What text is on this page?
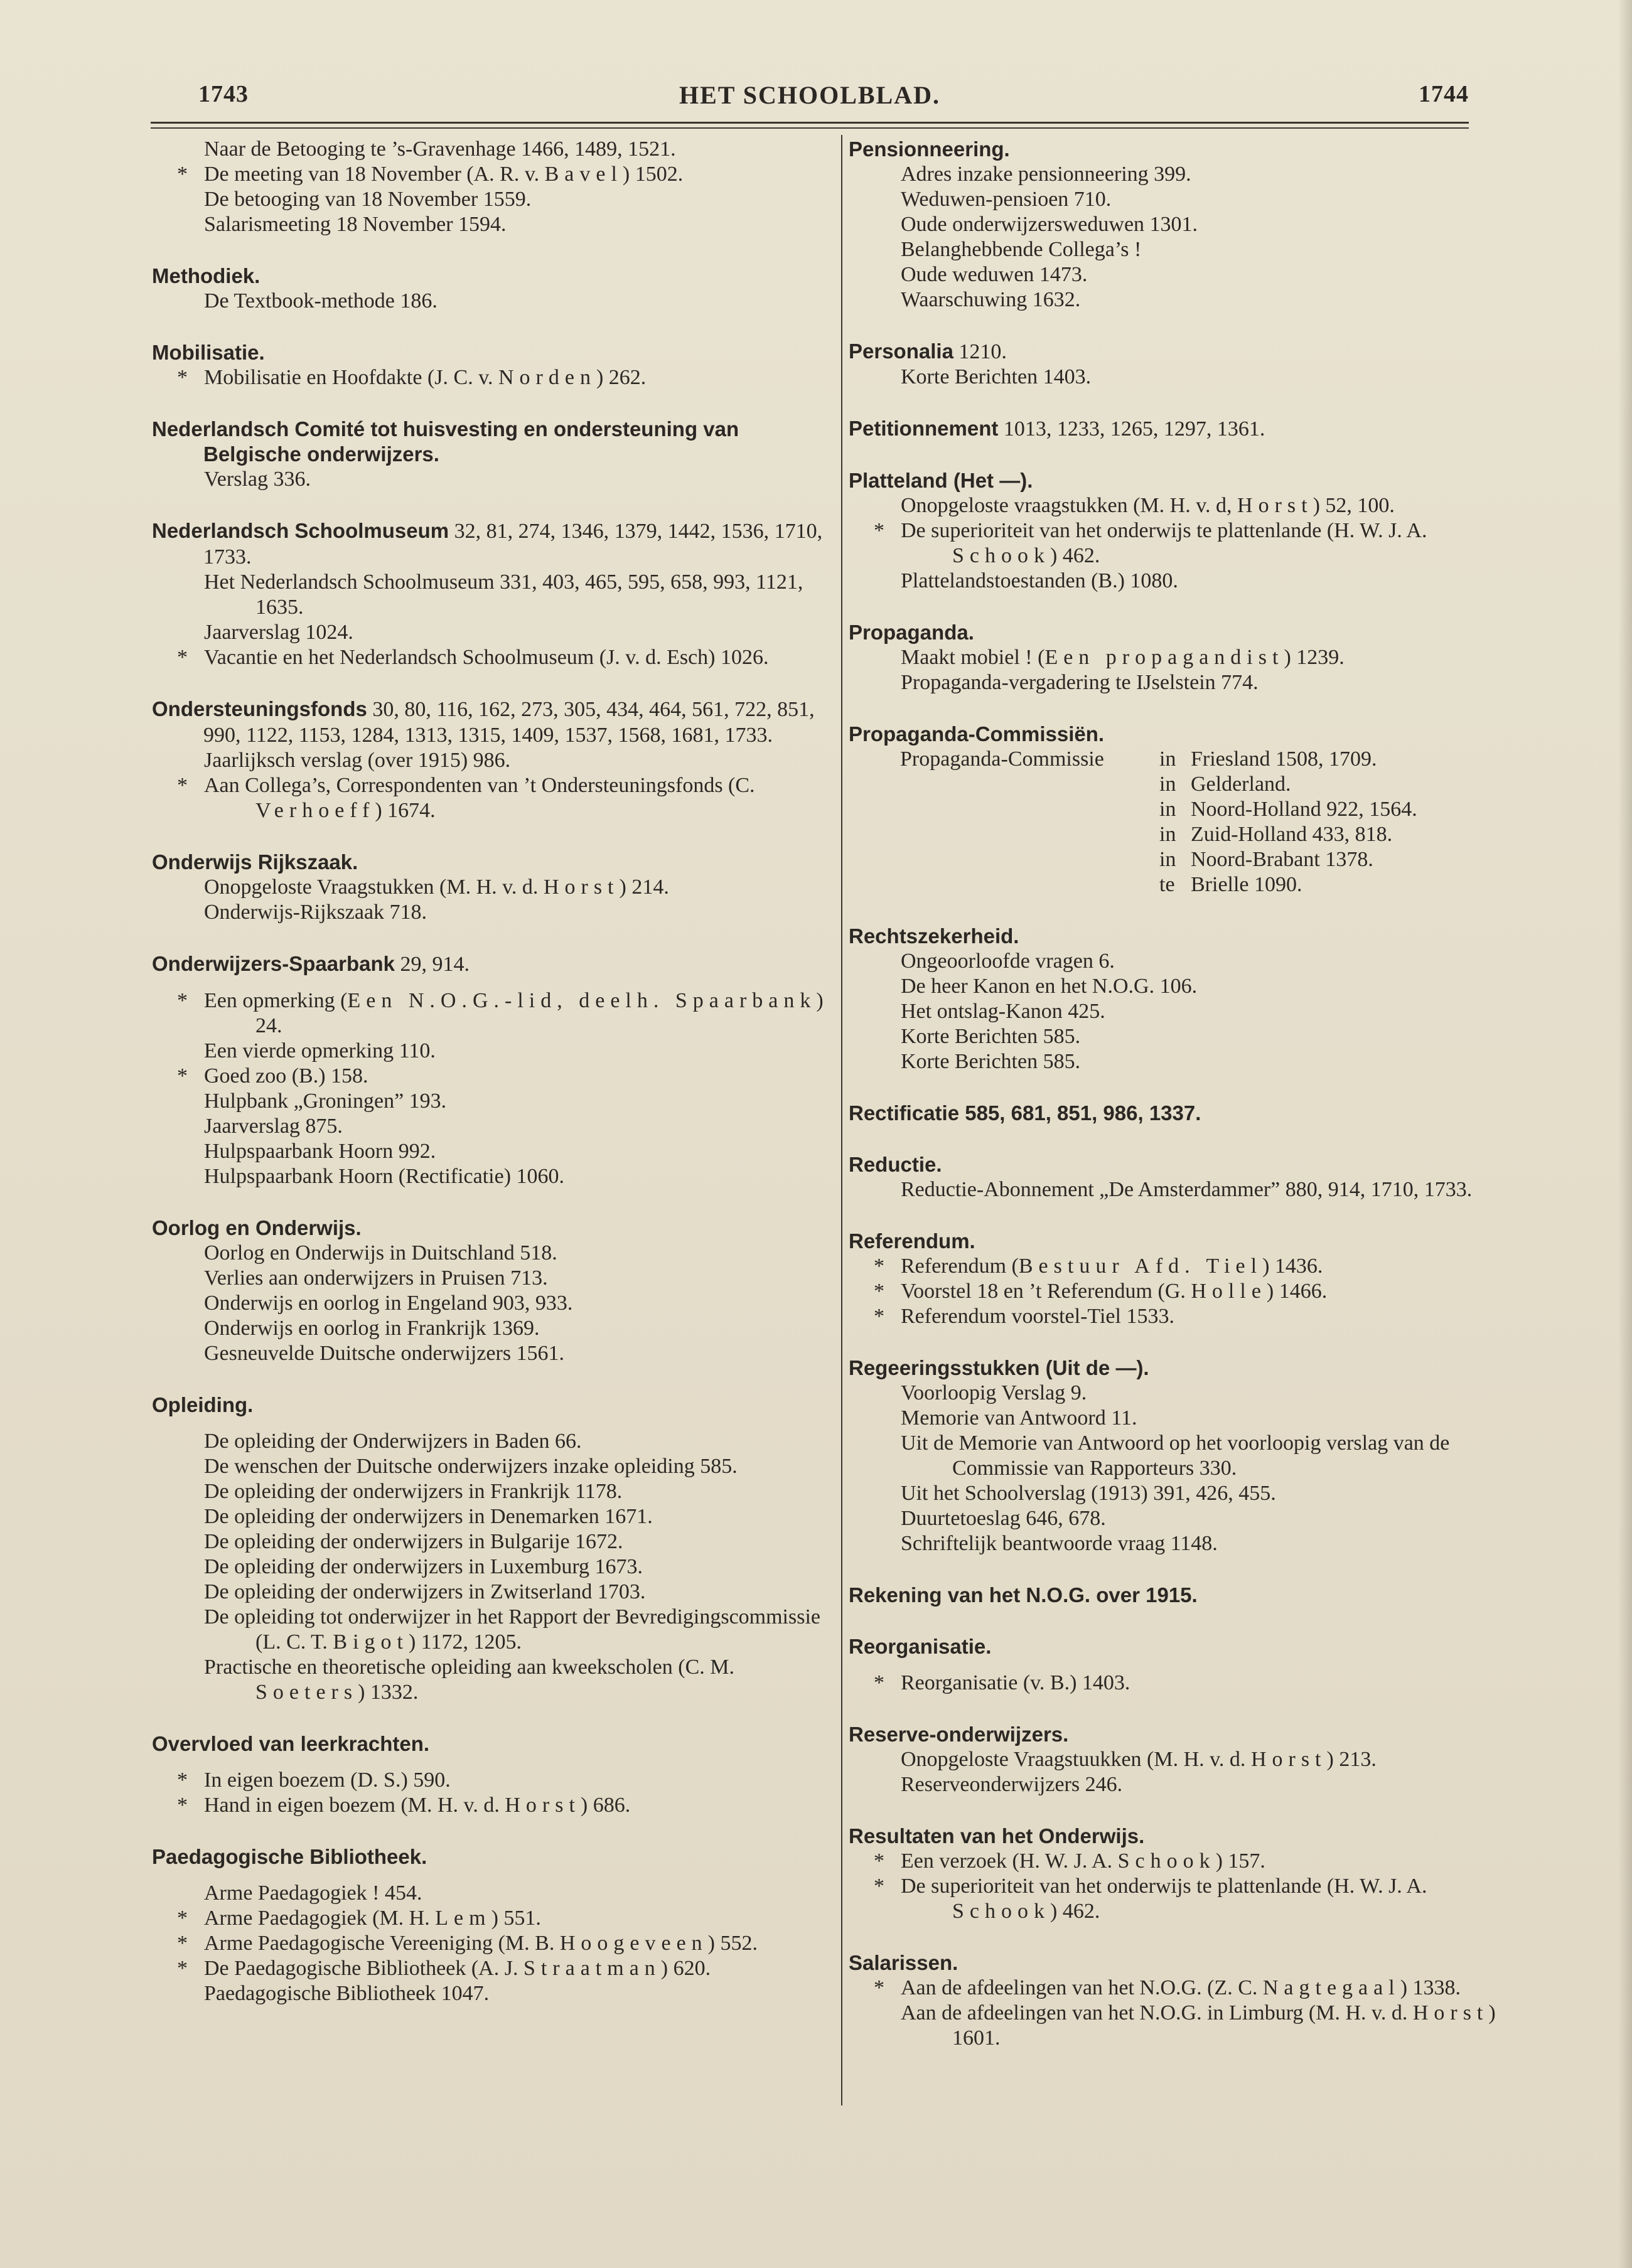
1743	HET SCHOOLBLAD.	1744
Naar de Betooging te ’s-Gravenhage 1466, 1489, 1521.
* De meeting van 18 November (A. R. v. Bavel) 1502.
De betooging van 18 November 1559.
Salarismeeting 18 November 1594.
Methodiek.
De Textbook-methode 186.
Mobilisatie.
* Mobilisatie en Hoofdakte (J. C. v. Norden) 262.
Nederlandsch Comité tot huisvesting en ondersteuning van Belgische onderwijzers.
Verslag 336.
Nederlandsch Schoolmuseum 32, 81, 274, 1346, 1379, 1442, 1536, 1710, 1733.
Het Nederlandsch Schoolmuseum 331, 403, 465, 595, 658, 993, 1121, 1635.
Jaarverslag 1024.
* Vacantie en het Nederlandsch Schoolmuseum (J. v. d. Esch) 1026.
Ondersteuningsfonds 30, 80, 116, 162, 273, 305, 434, 464, 561, 722, 851, 990, 1122, 1153, 1284, 1313, 1315, 1409, 1537, 1568, 1681, 1733.
Jaarlijksch verslag (over 1915) 986.
* Aan Collega’s, Correspondenten van ’t Ondersteuningsfonds (C. Verhoeff) 1674.
Onderwijs Rijkszaak.
Onopgeloste Vraagstukken (M. H. v. d. Horst) 214.
Onderwijs-Rijkszaak 718.
Onderwijzers-Spaarbank 29, 914.
* Een opmerking (Een N.O.G.-lid, deelh. Spaarbank) 24.
Een vierde opmerking 110.
* Goed zoo (B.) 158.
Hulpbank „Groningen” 193.
Jaarverslag 875.
Hulpspaarbank Hoorn 992.
Hulpspaarbank Hoorn (Rectificatie) 1060.
Oorlog en Onderwijs.
Oorlog en Onderwijs in Duitschland 518.
Verlies aan onderwijzers in Pruisen 713.
Onderwijs en oorlog in Engeland 903, 933.
Onderwijs en oorlog in Frankrijk 1369.
Gesneuvelde Duitsche onderwijzers 1561.
Opleiding.
De opleiding der Onderwijzers in Baden 66.
De wenschen der Duitsche onderwijzers inzake opleiding 585.
De opleiding der onderwijzers in Frankrijk 1178.
De opleiding der onderwijzers in Denemarken 1671.
De opleiding der onderwijzers in Bulgarije 1672.
De opleiding der onderwijzers in Luxemburg 1673.
De opleiding der onderwijzers in Zwitserland 1703.
De opleiding tot onderwijzer in het Rapport der Bevredigingscommissie (L. C. T. Bigot) 1172, 1205.
Practische en theoretische opleiding aan kweekscholen (C. M. Soeters) 1332.
Overvloed van leerkrachten.
* In eigen boezem (D. S.) 590.
* Hand in eigen boezem (M. H. v. d. Horst) 686.
Paedagogische Bibliotheek.
Arme Paedagogiek ! 454.
* Arme Paedagogiek (M. H. Lem) 551.
* Arme Paedagogische Vereeniging (M. B. Hoogeveen) 552.
* De Paedagogische Bibliotheek (A. J. Straatman) 620.
Paedagogische Bibliotheek 1047.
Pensionneering.
Adres inzake pensionneering 399.
Weduwen-pensioen 710.
Oude onderwijzersweduwen 1301.
Belanghebbende Collega’s !
Oude weduwen 1473.
Waarschuwing 1632.
Personalia 1210.
Korte Berichten 1403.
Petitionnement 1013, 1233, 1265, 1297, 1361.
Platteland (Het —).
Onopgeloste vraagstukken (M. H. v. d, Horst) 52, 100.
* De superioriteit van het onderwijs te plattenlande (H. W. J. A. Schook) 462.
Plattelandstoestanden (B.) 1080.
Propaganda.
Maakt mobiel ! (Een propagandist) 1239.
Propaganda-vergadering te IJselstein 774.
Propaganda-Commissiën.
Propaganda-Commissie	in Friesland 1508, 1709.
in Gelderland.
in Noord-Holland 922, 1564.
in Zuid-Holland 433, 818.
in Noord-Brabant 1378.
te Brielle 1090.
Rechtszekerheid.
Ongeoorloofde vragen 6.
De heer Kanon en het N.O.G. 106.
Het ontslag-Kanon 425.
Korte Berichten 585.
Korte Berichten 585.
Rectificatie 585, 681, 851, 986, 1337.
Reductie.
Reductie-Abonnement „De Amsterdammer” 880, 914, 1710, 1733.
Referendum.
* Referendum (Bestuur Afd. Tiel) 1436.
* Voorstel 18 en ’t Referendum (G. Holle) 1466.
* Referendum voorstel-Tiel 1533.
Regeeringsstukken (Uit de —).
Voorloopig Verslag 9.
Memorie van Antwoord 11.
Uit de Memorie van Antwoord op het voorloopig verslag van de Commissie van Rapporteurs 330.
Uit het Schoolverslag (1913) 391, 426, 455.
Duurtetoeslag 646, 678.
Schriftelijk beantwoorde vraag 1148.
Rekening van het N.O.G. over 1915.
Reorganisatie.
* Reorganisatie (v. B.) 1403.
Reserve-onderwijzers.
Onopgeloste Vraagstuukken (M. H. v. d. Horst) 213.
Reserveonderwijzers 246.
Resultaten van het Onderwijs.
* Een verzoek (H. W. J. A. Schook) 157.
* De superioriteit van het onderwijs te plattenlande (H. W. J. A. Schook) 462.
Salarissen.
* Aan de afdeelingen van het N.O.G. (Z. C. Nagtegaal) 1338.
Aan de afdeelingen van het N.O.G. in Limburg (M. H. v. d. Horst) 1601.
